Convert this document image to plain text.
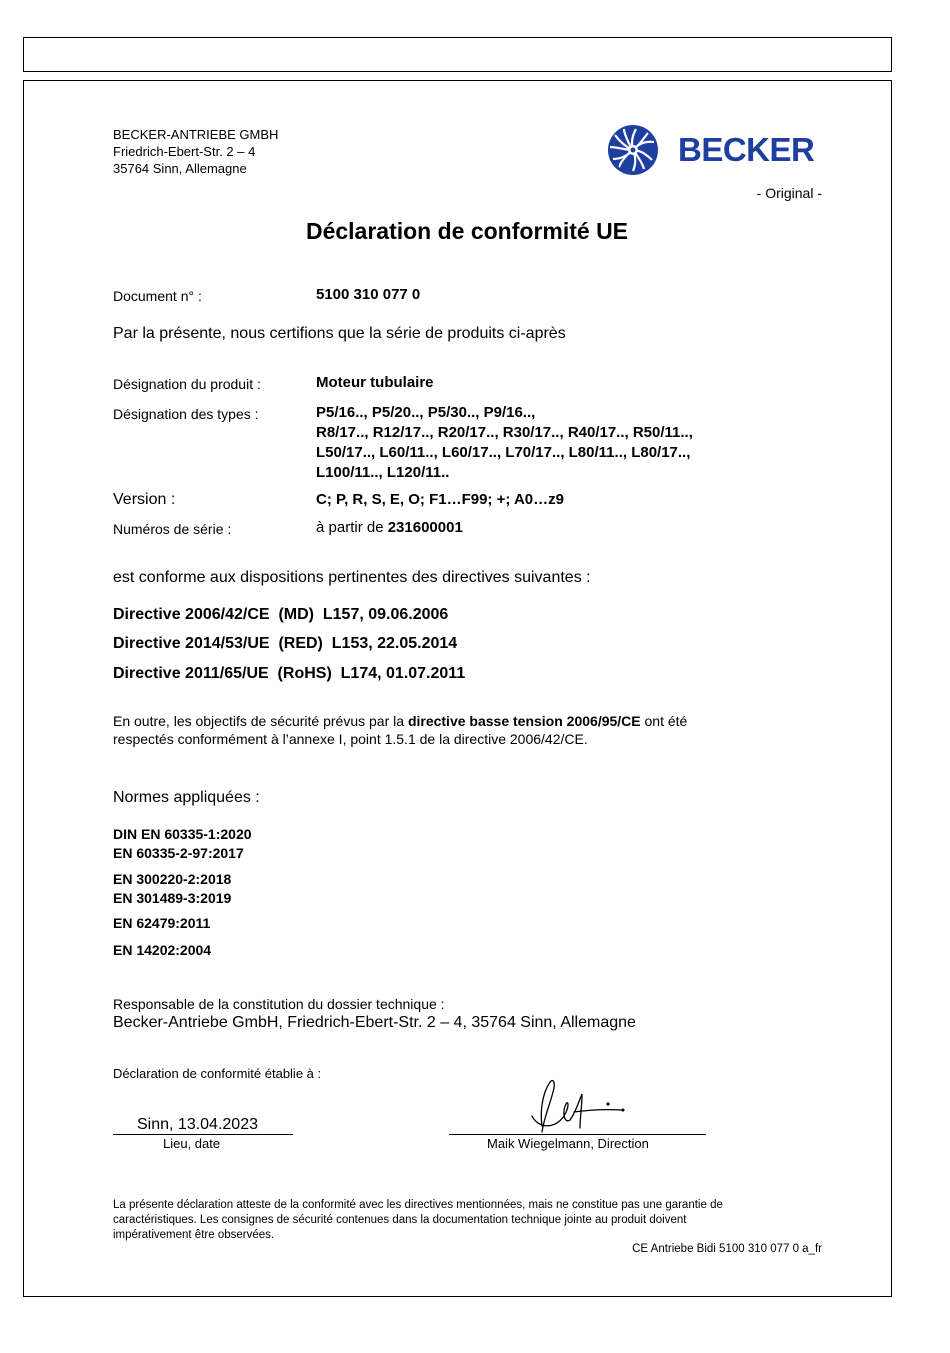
BECKER-ANTRIEBE GMBH
Friedrich-Ebert-Str. 2 – 4
35764 Sinn, Allemagne
BECKER
- Original -
Déclaration de conformité UE
Document n° :	5100 310 077 0
Par la présente, nous certifions que la série de produits ci-après
Désignation du produit :	Moteur tubulaire
Désignation des types :	P5/16.., P5/20.., P5/30.., P9/16..,
R8/17.., R12/17.., R20/17.., R30/17.., R40/17.., R50/11..,
L50/17.., L60/11.., L60/17.., L70/17.., L80/11.., L80/17..,
L100/11.., L120/11..
Version :	C; P, R, S, E, O; F1…F99; +; A0…z9
Numéros de série :	à partir de 231600001
est conforme aux dispositions pertinentes des directives suivantes :
Directive 2006/42/CE  (MD)  L157, 09.06.2006
Directive 2014/53/UE  (RED)  L153, 22.05.2014
Directive 2011/65/UE  (RoHS)  L174, 01.07.2011
En outre, les objectifs de sécurité prévus par la directive basse tension 2006/95/CE ont été
respectés conformément à l’annexe I, point 1.5.1 de la directive 2006/42/CE.
Normes appliquées :
DIN EN 60335-1:2020
EN 60335-2-97:2017
EN 300220-2:2018
EN 301489-3:2019
EN 62479:2011
EN 14202:2004
Responsable de la constitution du dossier technique :
Becker-Antriebe GmbH, Friedrich-Ebert-Str. 2 – 4, 35764 Sinn, Allemagne
Déclaration de conformité établie à :
Sinn, 13.04.2023
Lieu, date	Maik Wiegelmann, Direction
La présente déclaration atteste de la conformité avec les directives mentionnées, mais ne constitue pas une garantie de
caractéristiques. Les consignes de sécurité contenues dans la documentation technique jointe au produit doivent
impérativement être observées.
CE Antriebe Bidi 5100 310 077 0 a_fr
